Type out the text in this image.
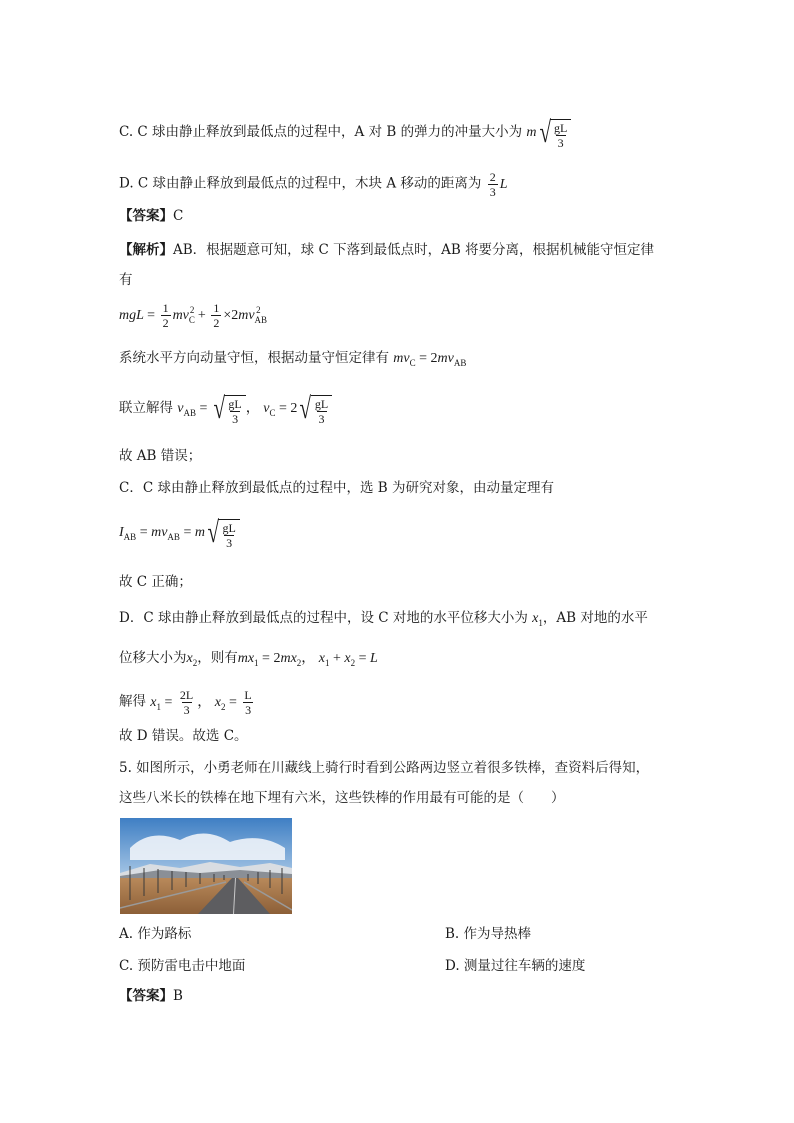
C. C 球由静止释放到最低点的过程中，A 对 B 的弹力的冲量大小为 m √ $\frac{gL}{3}$
D. C 球由静止释放到最低点的过程中，木块 A 移动的距离为 $\frac{2}{3}$ L
【答案】C
【解析】AB．根据题意可知，球 C 下落到最低点时，AB 将要分离，根据机械能守恒定律
有
mgL = $\frac{1}{2} mv_C^2 + \frac{1}{2} \times 2mv_{AB}^2$
系统水平方向动量守恒，根据动量守恒定律有 $mv_C = 2mv_{AB}$
联立解得 $v_{AB}$ = √ $\frac{gL}{3}$ ， $v_C = 2$ √ $\frac{gL}{3}$
故 AB 错误；
C．C 球由静止释放到最低点的过程中，选 B 为研究对象，由动量定理有
$I_{AB} = mv_{AB} = m$ √ $\frac{gL}{3}$
故 C 正确；
D．C 球由静止释放到最低点的过程中，设 C 对地的水平位移大小为 $x_1$，AB 对地的水平
位移大小为$x_2$，则有$mx_1 = 2mx_2$， $x_1 + x_2 = L$
解得 $x_1 = \frac{2L}{3}$ ， $x_2 = \frac{L}{3}$
故 D 错误。故选 C。
5. 如图所示，小勇老师在川藏线上骑行时看到公路两边竖立着很多铁棒，查资料后得知，
这些八米长的铁棒在地下埋有六米，这些铁棒的作用最有可能的是（　　）
A. 作为路标	B. 作为导热棒
C. 预防雷电击中地面	D. 测量过往车辆的速度
【答案】B
